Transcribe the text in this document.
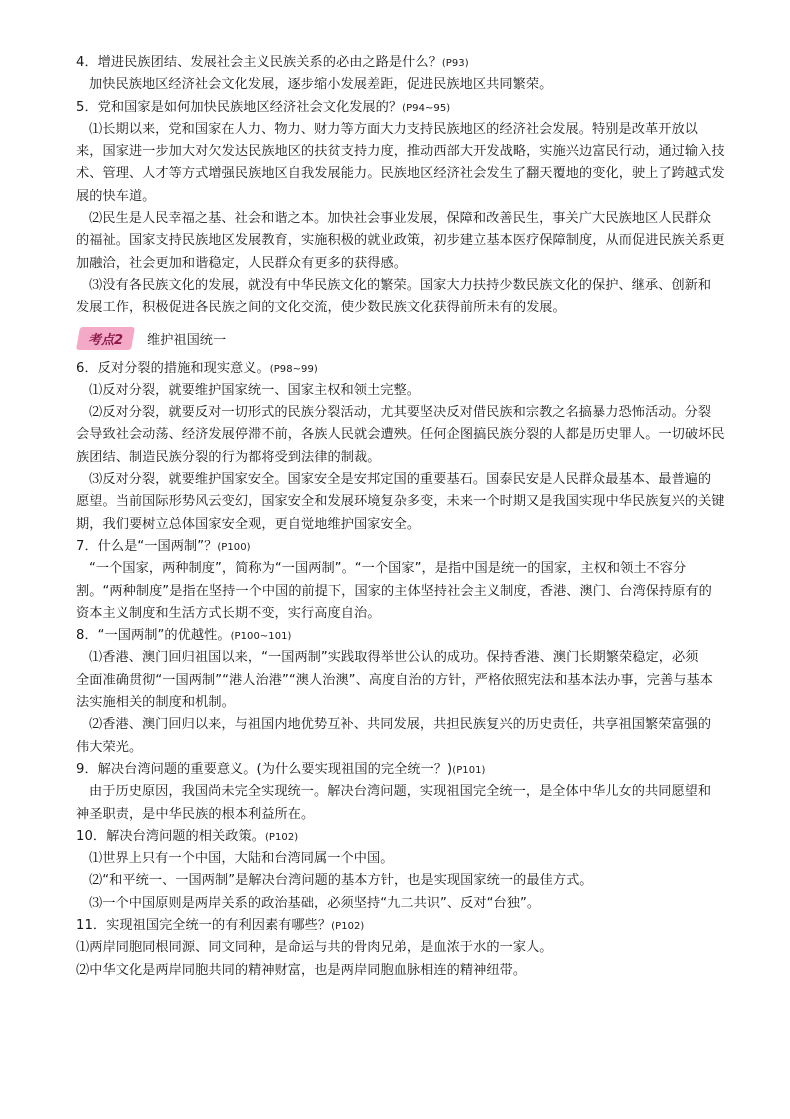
4．增进民族团结、发展社会主义民族关系的必由之路是什么？(P93)
加快民族地区经济社会文化发展，逐步缩小发展差距，促进民族地区共同繁荣。
5．党和国家是如何加快民族地区经济社会文化发展的？(P94~95)
⑴长期以来，党和国家在人力、物力、财力等方面大力支持民族地区的经济社会发展。特别是改革开放以
来，国家进一步加大对欠发达民族地区的扶贫支持力度，推动西部大开发战略，实施兴边富民行动，通过输入技
术、管理、人才等方式增强民族地区自我发展能力。民族地区经济社会发生了翻天覆地的变化，驶上了跨越式发
展的快车道。
⑵民生是人民幸福之基、社会和谐之本。加快社会事业发展，保障和改善民生，事关广大民族地区人民群众
的福祉。国家支持民族地区发展教育，实施积极的就业政策，初步建立基本医疗保障制度，从而促进民族关系更
加融洽，社会更加和谐稳定，人民群众有更多的获得感。
⑶没有各民族文化的发展，就没有中华民族文化的繁荣。国家大力扶持少数民族文化的保护、继承、创新和
发展工作，积极促进各民族之间的文化交流，使少数民族文化获得前所未有的发展。
考点2	维护祖国统一
6．反对分裂的措施和现实意义。(P98~99)
⑴反对分裂，就要维护国家统一、国家主权和领土完整。
⑵反对分裂，就要反对一切形式的民族分裂活动，尤其要坚决反对借民族和宗教之名搞暴力恐怖活动。分裂
会导致社会动荡、经济发展停滞不前，各族人民就会遭殃。任何企图搞民族分裂的人都是历史罪人。一切破坏民
族团结、制造民族分裂的行为都将受到法律的制裁。
⑶反对分裂，就要维护国家安全。国家安全是安邦定国的重要基石。国泰民安是人民群众最基本、最普遍的
愿望。当前国际形势风云变幻，国家安全和发展环境复杂多变，未来一个时期又是我国实现中华民族复兴的关键
期，我们要树立总体国家安全观，更自觉地维护国家安全。
7．什么是“一国两制”？(P100)
“一个国家，两种制度”，简称为“一国两制”。“一个国家”，是指中国是统一的国家，主权和领土不容分
割。“两种制度”是指在坚持一个中国的前提下，国家的主体坚持社会主义制度，香港、澳门、台湾保持原有的
资本主义制度和生活方式长期不变，实行高度自治。
8．“一国两制”的优越性。(P100~101)
⑴香港、澳门回归祖国以来，“一国两制”实践取得举世公认的成功。保持香港、澳门长期繁荣稳定，必须
全面准确贯彻“一国两制”“港人治港”“澳人治澳”、高度自治的方针，严格依照宪法和基本法办事，完善与基本
法实施相关的制度和机制。
⑵香港、澳门回归以来，与祖国内地优势互补、共同发展，共担民族复兴的历史责任，共享祖国繁荣富强的
伟大荣光。
9．解决台湾问题的重要意义。(为什么要实现祖国的完全统一？)(P101)
由于历史原因，我国尚未完全实现统一。解决台湾问题，实现祖国完全统一，是全体中华儿女的共同愿望和
神圣职责，是中华民族的根本利益所在。
10．解决台湾问题的相关政策。(P102)
⑴世界上只有一个中国，大陆和台湾同属一个中国。
⑵“和平统一、一国两制”是解决台湾问题的基本方针，也是实现国家统一的最佳方式。
⑶一个中国原则是两岸关系的政治基础，必须坚持“九二共识”、反对“台独”。
11．实现祖国完全统一的有利因素有哪些？(P102)
⑴两岸同胞同根同源、同文同种，是命运与共的骨肉兄弟，是血浓于水的一家人。
⑵中华文化是两岸同胞共同的精神财富，也是两岸同胞血脉相连的精神纽带。
